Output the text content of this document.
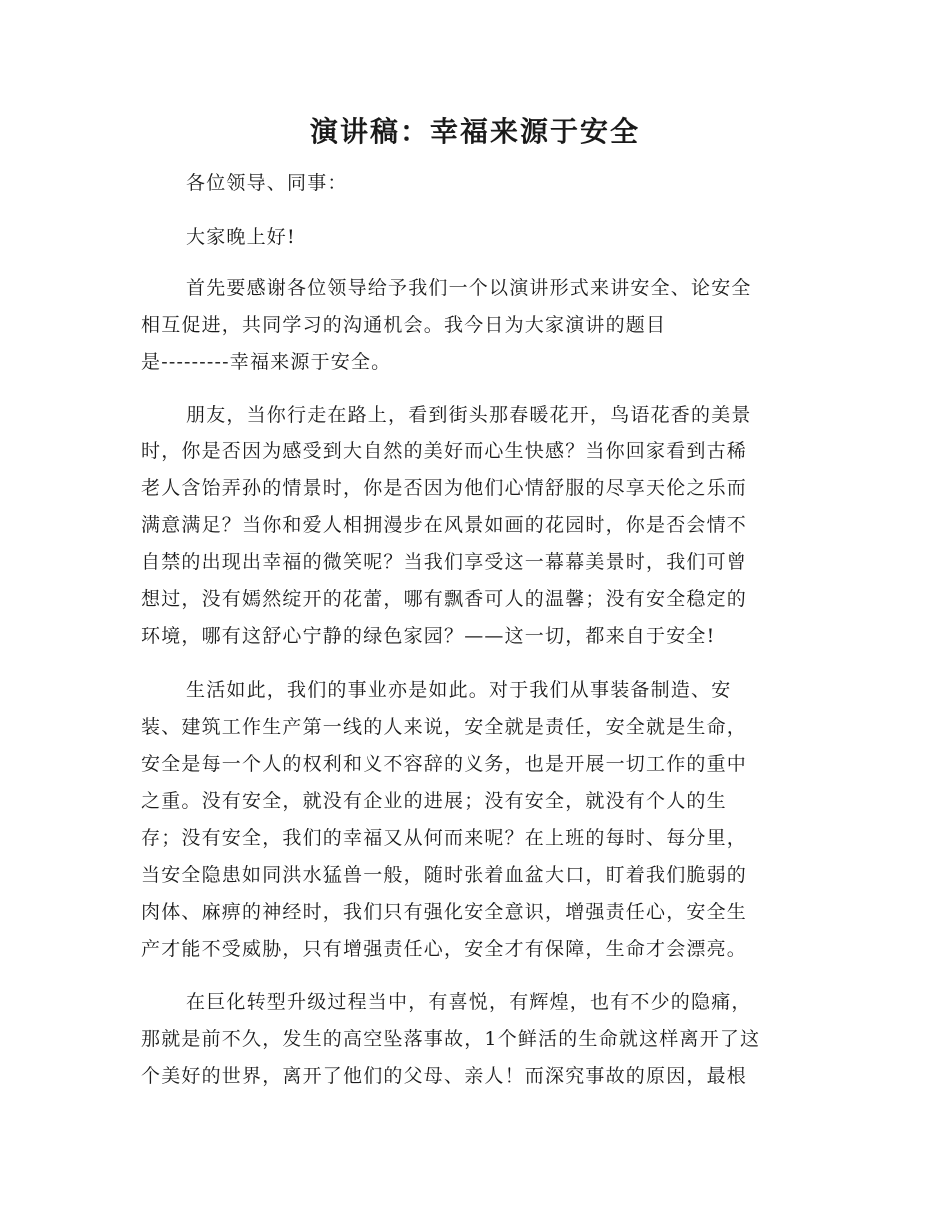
演讲稿：幸福来源于安全
各位领导、同事：
大家晚上好!
首先要感谢各位领导给予我们一个以演讲形式来讲安全、论安全
相互促进，共同学习的沟通机会。我今日为大家演讲的题目
是---------幸福来源于安全。
朋友，当你行走在路上，看到街头那春暖花开，鸟语花香的美景
时，你是否因为感受到大自然的美好而心生快感？当你回家看到古稀
老人含饴弄孙的情景时，你是否因为他们心情舒服的尽享天伦之乐而
满意满足？当你和爱人相拥漫步在风景如画的花园时，你是否会情不
自禁的出现出幸福的微笑呢？当我们享受这一幕幕美景时，我们可曾
想过，没有嫣然绽开的花蕾，哪有飘香可人的温馨；没有安全稳定的
环境，哪有这舒心宁静的绿色家园？——这一切，都来自于安全!
生活如此，我们的事业亦是如此。对于我们从事装备制造、安
装、建筑工作生产第一线的人来说，安全就是责任，安全就是生命，
安全是每一个人的权利和义不容辞的义务，也是开展一切工作的重中
之重。没有安全，就没有企业的进展；没有安全，就没有个人的生
存；没有安全，我们的幸福又从何而来呢？在上班的每时、每分里，
当安全隐患如同洪水猛兽一般，随时张着血盆大口，盯着我们脆弱的
肉体、麻痹的神经时，我们只有强化安全意识，增强责任心，安全生
产才能不受威胁，只有增强责任心，安全才有保障，生命才会漂亮。
在巨化转型升级过程当中，有喜悦，有辉煌，也有不少的隐痛，
那就是前不久，发生的高空坠落事故，1个鲜活的生命就这样离开了这
个美好的世界，离开了他们的父母、亲人！而深究事故的原因，最根
